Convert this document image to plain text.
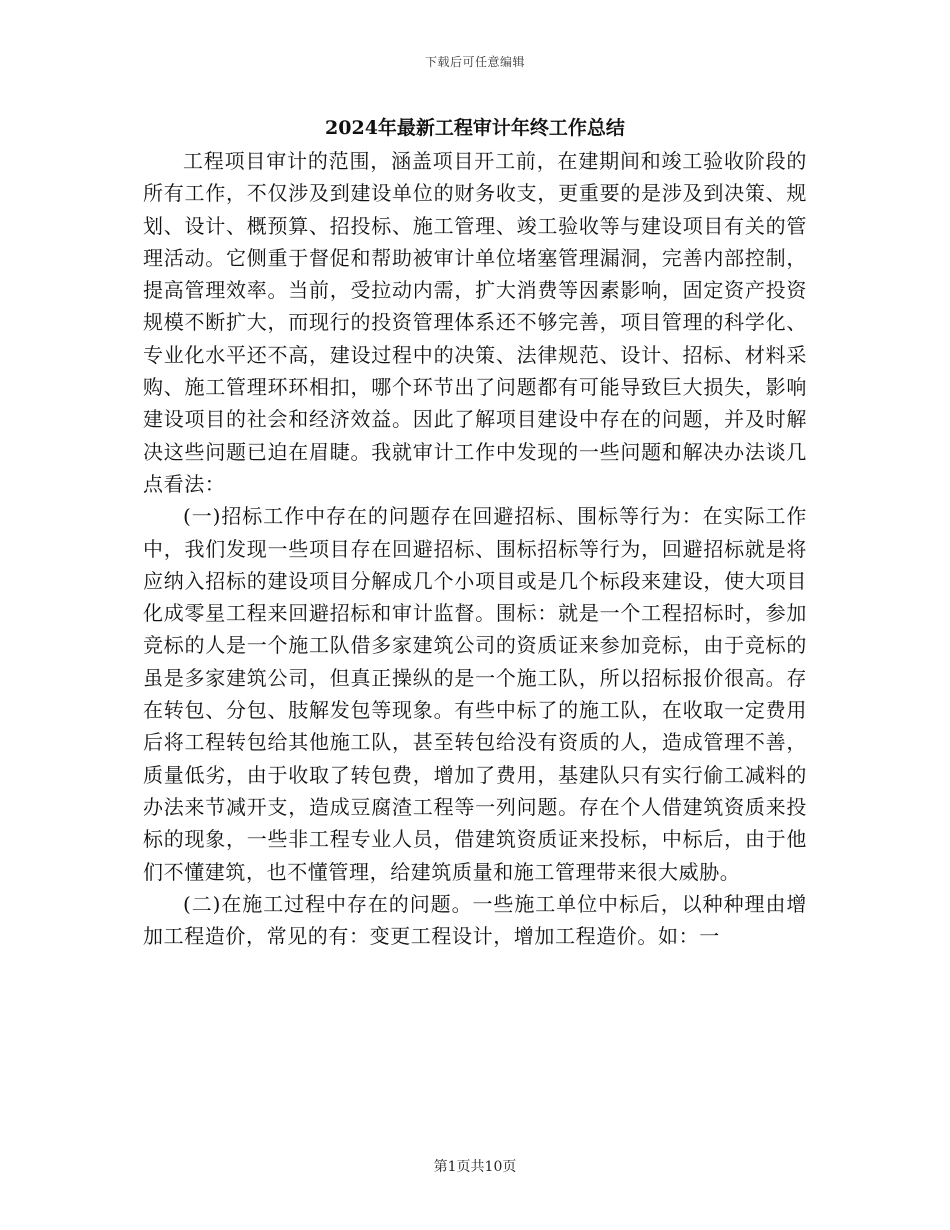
下载后可任意编辑
2024年最新工程审计年终工作总结

工程项目审计的范围，涵盖项目开工前，在建期间和竣工验收阶段的所有工作，不仅涉及到建设单位的财务收支，更重要的是涉及到决策、规划、设计、概预算、招投标、施工管理、竣工验收等与建设项目有关的管理活动。它侧重于督促和帮助被审计单位堵塞管理漏洞，完善内部控制，提高管理效率。当前，受拉动内需，扩大消费等因素影响，固定资产投资规模不断扩大，而现行的投资管理体系还不够完善，项目管理的科学化、专业化水平还不高，建设过程中的决策、法律规范、设计、招标、材料采购、施工管理环环相扣，哪个环节出了问题都有可能导致巨大损失，影响建设项目的社会和经济效益。因此了解项目建设中存在的问题，并及时解决这些问题已迫在眉睫。我就审计工作中发现的一些问题和解决办法谈几点看法：

(一)招标工作中存在的问题存在回避招标、围标等行为：在实际工作中，我们发现一些项目存在回避招标、围标招标等行为，回避招标就是将应纳入招标的建设项目分解成几个小项目或是几个标段来建设，使大项目化成零星工程来回避招标和审计监督。围标：就是一个工程招标时，参加竞标的人是一个施工队借多家建筑公司的资质证来参加竞标，由于竞标的虽是多家建筑公司，但真正操纵的是一个施工队，所以招标报价很高。存在转包、分包、肢解发包等现象。有些中标了的施工队，在收取一定费用后将工程转包给其他施工队，甚至转包给没有资质的人，造成管理不善，质量低劣，由于收取了转包费，增加了费用，基建队只有实行偷工减料的办法来节减开支，造成豆腐渣工程等一列问题。存在个人借建筑资质来投标的现象，一些非工程专业人员，借建筑资质证来投标，中标后，由于他们不懂建筑，也不懂管理，给建筑质量和施工管理带来很大威胁。

(二)在施工过程中存在的问题。一些施工单位中标后，以种种理由增加工程造价，常见的有：变更工程设计，增加工程造价。如：一

第1页共10页
